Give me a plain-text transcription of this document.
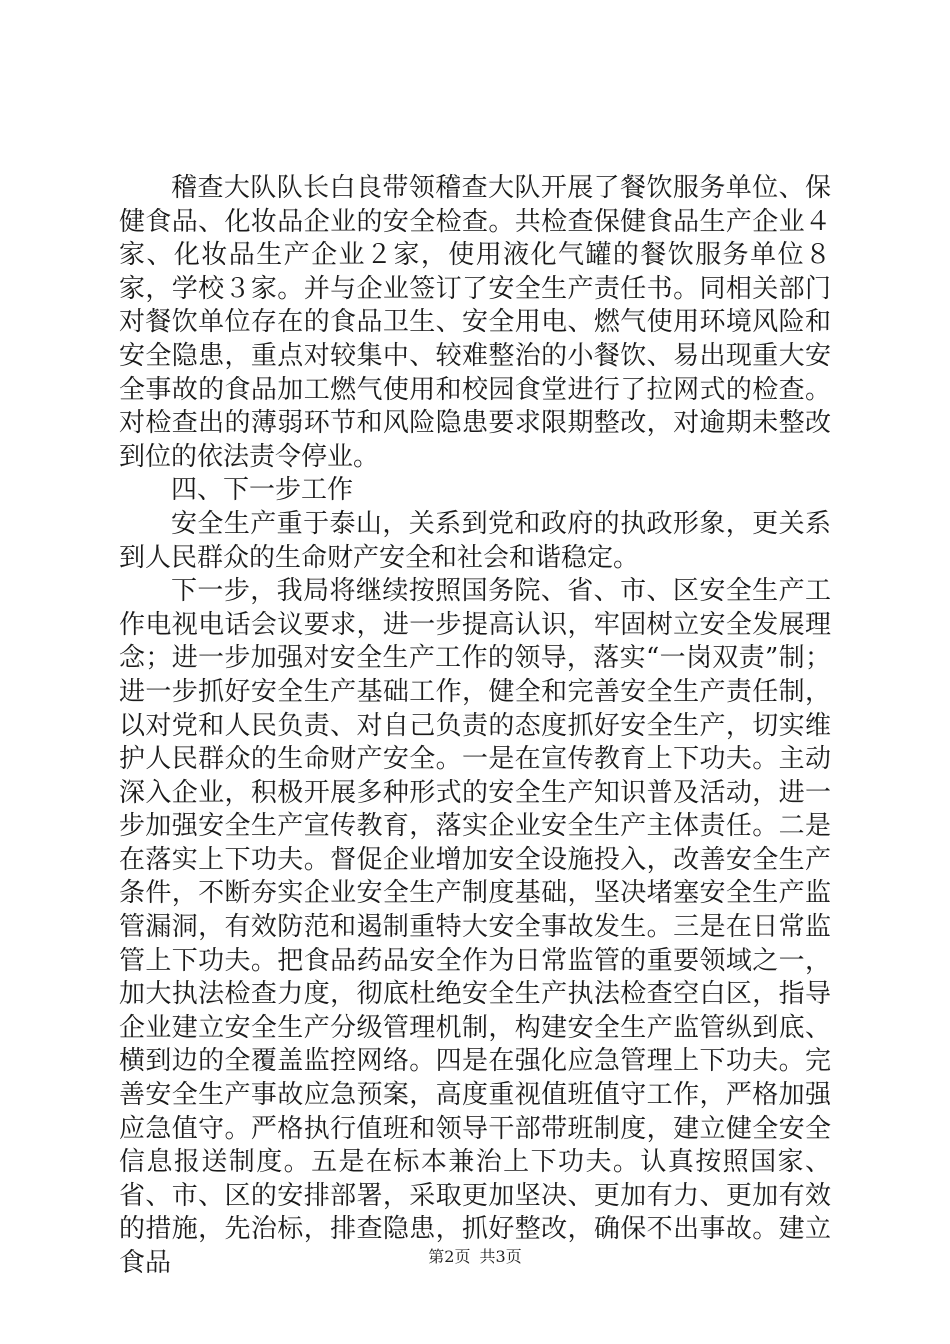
稽查大队队长白良带领稽查大队开展了餐饮服务单位、保健食品、化妆品企业的安全检查。共检查保健食品生产企业４家、化妆品生产企业２家，使用液化气罐的餐饮服务单位８家，学校３家。并与企业签订了安全生产责任书。同相关部门对餐饮单位存在的食品卫生、安全用电、燃气使用环境风险和安全隐患，重点对较集中、较难整治的小餐饮、易出现重大安全事故的食品加工燃气使用和校园食堂进行了拉网式的检查。对检查出的薄弱环节和风险隐患要求限期整改，对逾期未整改到位的依法责令停业。

四、下一步工作

安全生产重于泰山，关系到党和政府的执政形象，更关系到人民群众的生命财产安全和社会和谐稳定。

下一步，我局将继续按照国务院、省、市、区安全生产工作电视电话会议要求，进一步提高认识，牢固树立安全发展理念；进一步加强对安全生产工作的领导，落实“一岗双责”制；进一步抓好安全生产基础工作，健全和完善安全生产责任制，以对党和人民负责、对自己负责的态度抓好安全生产，切实维护人民群众的生命财产安全。一是在宣传教育上下功夫。主动深入企业，积极开展多种形式的安全生产知识普及活动，进一步加强安全生产宣传教育，落实企业安全生产主体责任。二是在落实上下功夫。督促企业增加安全设施投入，改善安全生产条件，不断夯实企业安全生产制度基础，坚决堵塞安全生产监管漏洞，有效防范和遏制重特大安全事故发生。三是在日常监管上下功夫。把食品药品安全作为日常监管的重要领域之一，加大执法检查力度，彻底杜绝安全生产执法检查空白区，指导企业建立安全生产分级管理机制，构建安全生产监管纵到底、横到边的全覆盖监控网络。四是在强化应急管理上下功夫。完善安全生产事故应急预案，高度重视值班值守工作，严格加强应急值守。严格执行值班和领导干部带班制度，建立健全安全信息报送制度。五是在标本兼治上下功夫。认真按照国家、省、市、区的安排部署，采取更加坚决、更加有力、更加有效的措施，先治标，排查隐患，抓好整改，确保不出事故。建立食品	第2页 共3页
